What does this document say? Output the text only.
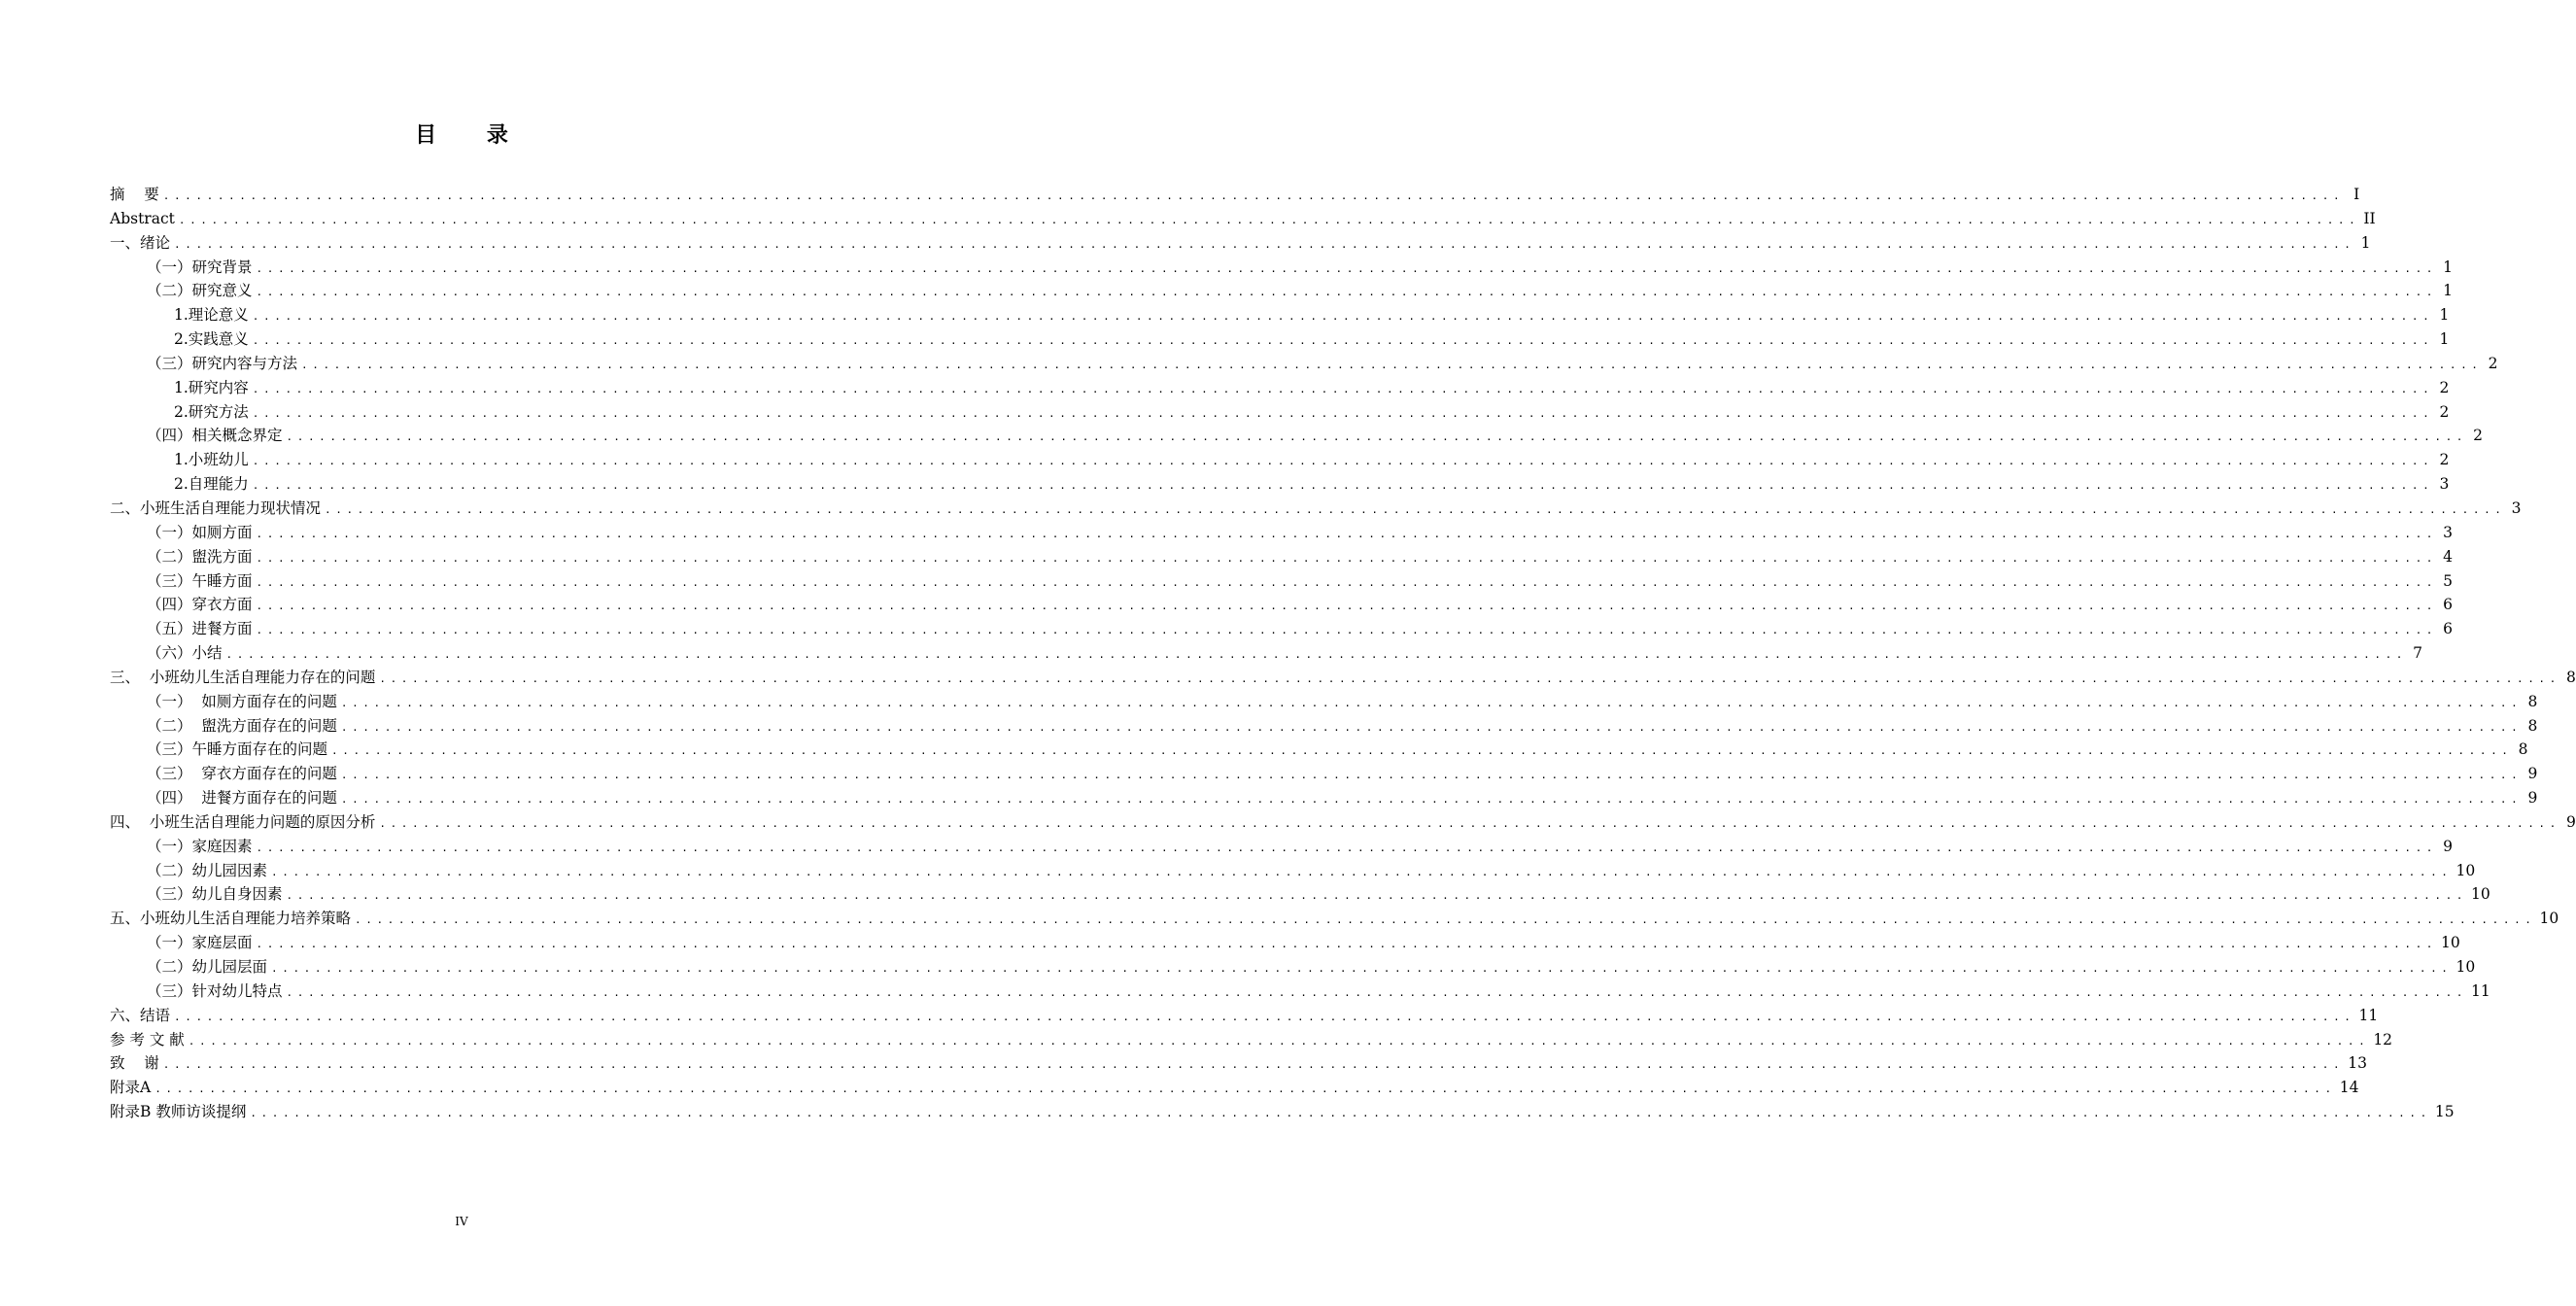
目 录
摘    要 ........................................................................................................................................................................................................ I
Abstract ........................................................................................................................................................................................................ II
一、绪论 ........................................................................................................................................................................................................ 1
（一）研究背景 ........................................................................................................................................................................................................ 1
（二）研究意义 ........................................................................................................................................................................................................ 1
1.理论意义 ........................................................................................................................................................................................................ 1
2.实践意义 ........................................................................................................................................................................................................ 1
（三）研究内容与方法 ........................................................................................................................................................................................................ 2
1.研究内容 ........................................................................................................................................................................................................ 2
2.研究方法 ........................................................................................................................................................................................................ 2
（四）相关概念界定 ........................................................................................................................................................................................................ 2
1.小班幼儿 ........................................................................................................................................................................................................ 2
2.自理能力 ........................................................................................................................................................................................................ 3
二、小班生活自理能力现状情况 ........................................................................................................................................................................................................ 3
（一）如厕方面 ........................................................................................................................................................................................................ 3
（二）盥洗方面 ........................................................................................................................................................................................................ 4
（三）午睡方面 ........................................................................................................................................................................................................ 5
（四）穿衣方面 ........................................................................................................................................................................................................ 6
（五）进餐方面 ........................................................................................................................................................................................................ 6
（六）小结 ........................................................................................................................................................................................................ 7
三、  小班幼儿生活自理能力存在的问题 ........................................................................................................................................................................................................ 8
（一）  如厕方面存在的问题 ........................................................................................................................................................................................................ 8
（二）  盥洗方面存在的问题 ........................................................................................................................................................................................................ 8
（三）午睡方面存在的问题 ........................................................................................................................................................................................................ 8
（三）  穿衣方面存在的问题 ........................................................................................................................................................................................................ 9
（四）  进餐方面存在的问题 ........................................................................................................................................................................................................ 9
四、  小班生活自理能力问题的原因分析 ........................................................................................................................................................................................................ 9
（一）家庭因素 ........................................................................................................................................................................................................ 9
（二）幼儿园因素 ........................................................................................................................................................................................................ 10
（三）幼儿自身因素 ........................................................................................................................................................................................................ 10
五、小班幼儿生活自理能力培养策略 ........................................................................................................................................................................................................ 10
（一）家庭层面 ........................................................................................................................................................................................................ 10
（二）幼儿园层面 ........................................................................................................................................................................................................ 10
（三）针对幼儿特点 ........................................................................................................................................................................................................ 11
六、结语 ........................................................................................................................................................................................................ 11
参 考 文 献 ........................................................................................................................................................................................................ 12
致    谢 ........................................................................................................................................................................................................ 13
附录A ........................................................................................................................................................................................................ 14
附录B 教师访谈提纲 ........................................................................................................................................................................................................ 15
IV
